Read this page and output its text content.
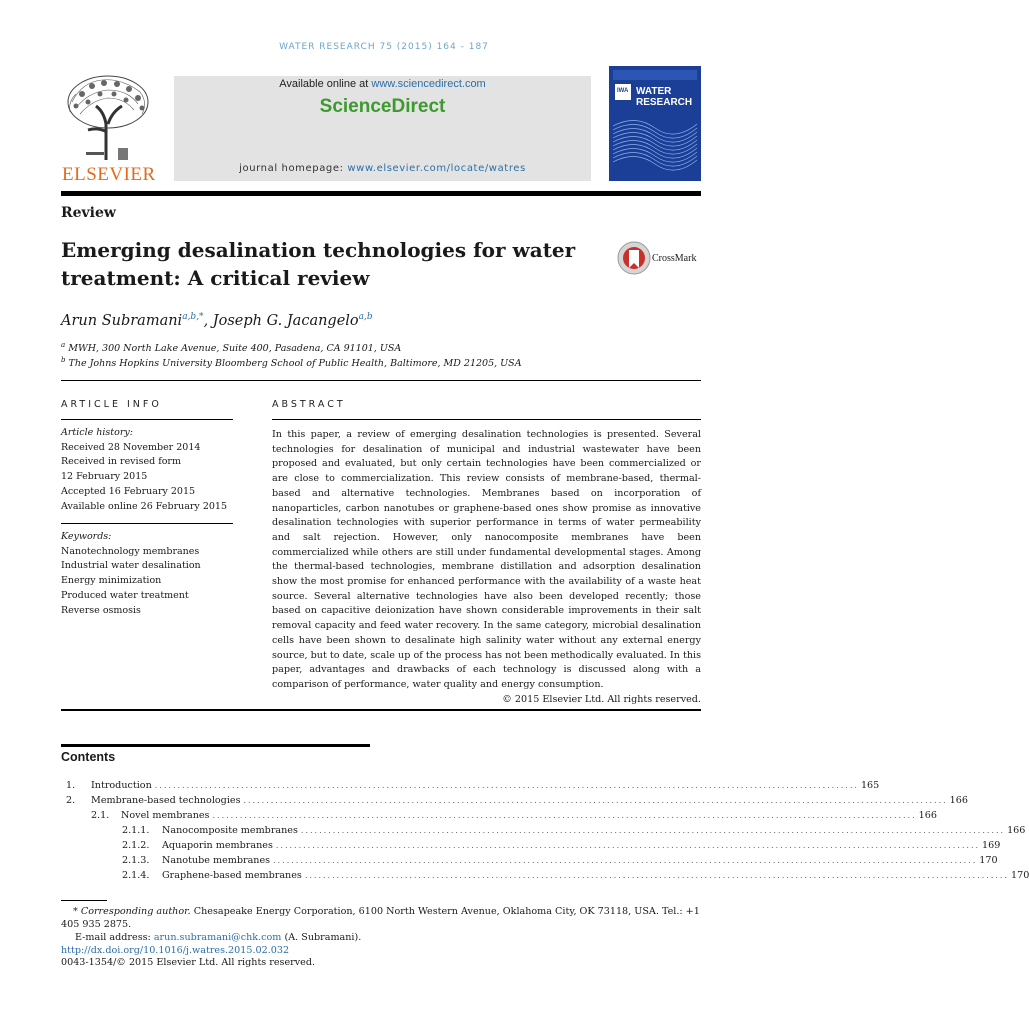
WATER RESEARCH 75 (2015) 164 - 187
ELSEVIER
Available online at www.sciencedirect.com
ScienceDirect
journal homepage: www.elsevier.com/locate/watres
IWA WATER
RESEARCH
Review
Emerging desalination technologies for water
treatment: A critical review
CrossMark
Arun Subramani$^{a,b,*}$, Joseph G. Jacangelo$^{a,b}$
$^a$ MWH, 300 North Lake Avenue, Suite 400, Pasadena, CA 91101, USA
$^b$ The Johns Hopkins University Bloomberg School of Public Health, Baltimore, MD 21205, USA
ARTICLE INFO
Article history:
Received 28 November 2014
Received in revised form
12 February 2015
Accepted 16 February 2015
Available online 26 February 2015
Keywords:
Nanotechnology membranes
Industrial water desalination
Energy minimization
Produced water treatment
Reverse osmosis
ABSTRACT

In this paper, a review of emerging desalination technologies is presented. Several technologies for desalination of municipal and industrial wastewater have been proposed and evaluated, but only certain technologies have been commercialized or are close to commercialization. This review consists of membrane-based, thermal-based and alternative technologies. Membranes based on incorporation of nanoparticles, carbon nanotubes or graphene-based ones show promise as innovative desalination technologies with superior performance in terms of water permeability and salt rejection. However, only nanocomposite membranes have been commercialized while others are still under fundamental developmental stages. Among the thermal-based technologies, membrane distillation and adsorption desalination show the most promise for enhanced performance with the availability of a waste heat source. Several alternative technologies have also been developed recently; those based on capacitive deionization have shown considerable improvements in their salt removal capacity and feed water recovery. In the same category, microbial desalination cells have been shown to desalinate high salinity water without any external energy source, but to date, scale up of the process has not been methodically evaluated. In this paper, advantages and drawbacks of each technology is discussed along with a comparison of performance, water quality and energy consumption.

© 2015 Elsevier Ltd. All rights reserved.

Contents
1.	Introduction ........................................................................................................................................................... 165
2.	Membrane-based technologies ........................................................................................................................................................... 166
2.1.	Novel membranes ........................................................................................................................................................... 166
2.1.1.	Nanocomposite membranes ........................................................................................................................................................... 166
2.1.2.	Aquaporin membranes ........................................................................................................................................................... 169
2.1.3.	Nanotube membranes ........................................................................................................................................................... 170
2.1.4.	Graphene-based membranes ........................................................................................................................................................... 170
* Corresponding author. Chesapeake Energy Corporation, 6100 North Western Avenue, Oklahoma City, OK 73118, USA. Tel.: +1 405 935 2875.
E-mail address: arun.subramani@chk.com (A. Subramani).
http://dx.doi.org/10.1016/j.watres.2015.02.032
0043-1354/© 2015 Elsevier Ltd. All rights reserved.
